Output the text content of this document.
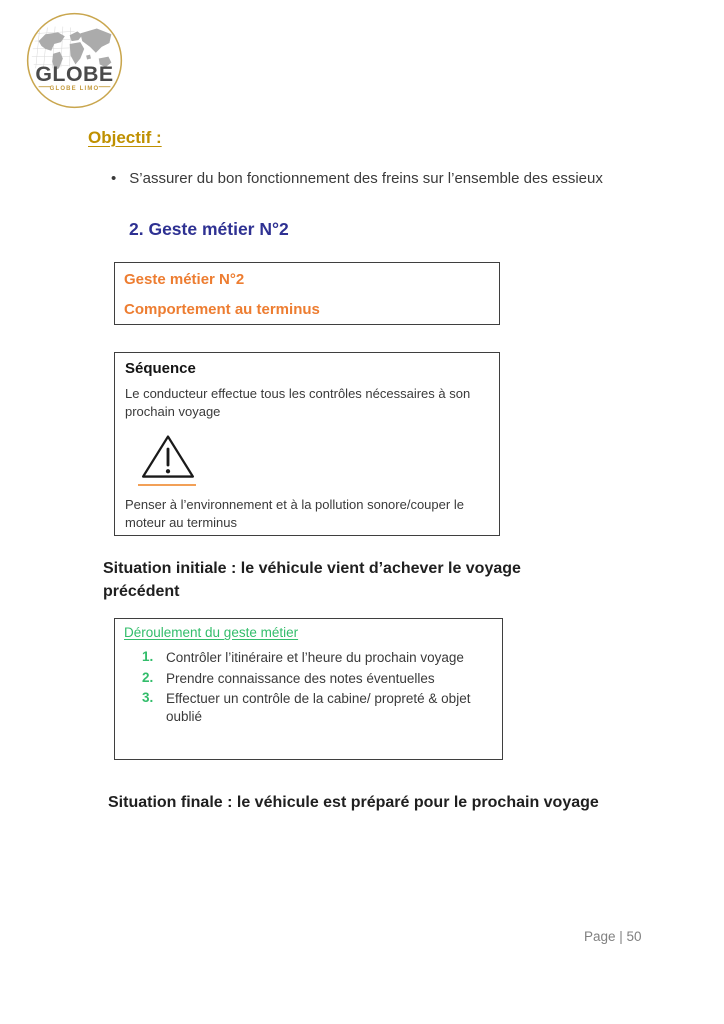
GLOBE
GLOBE LIMO
Objectif :
• S’assurer du bon fonctionnement des freins sur l’ensemble des essieux
2. Geste métier N°2

Geste métier N°2

Comportement au terminus

Séquence

Le conducteur effectue tous les contrôles nécessaires à son prochain voyage

Penser à l’environnement et à la pollution sonore/couper le moteur au terminus

Situation initiale : le véhicule vient d’achever le voyage précédent

Déroulement du geste métier

1. Contrôler l’itinéraire et l’heure du prochain voyage
2. Prendre connaissance des notes éventuelles
3. Effectuer un contrôle de la cabine/ propreté & objet oublié

Situation finale : le véhicule est préparé pour le prochain voyage

Page | 50
